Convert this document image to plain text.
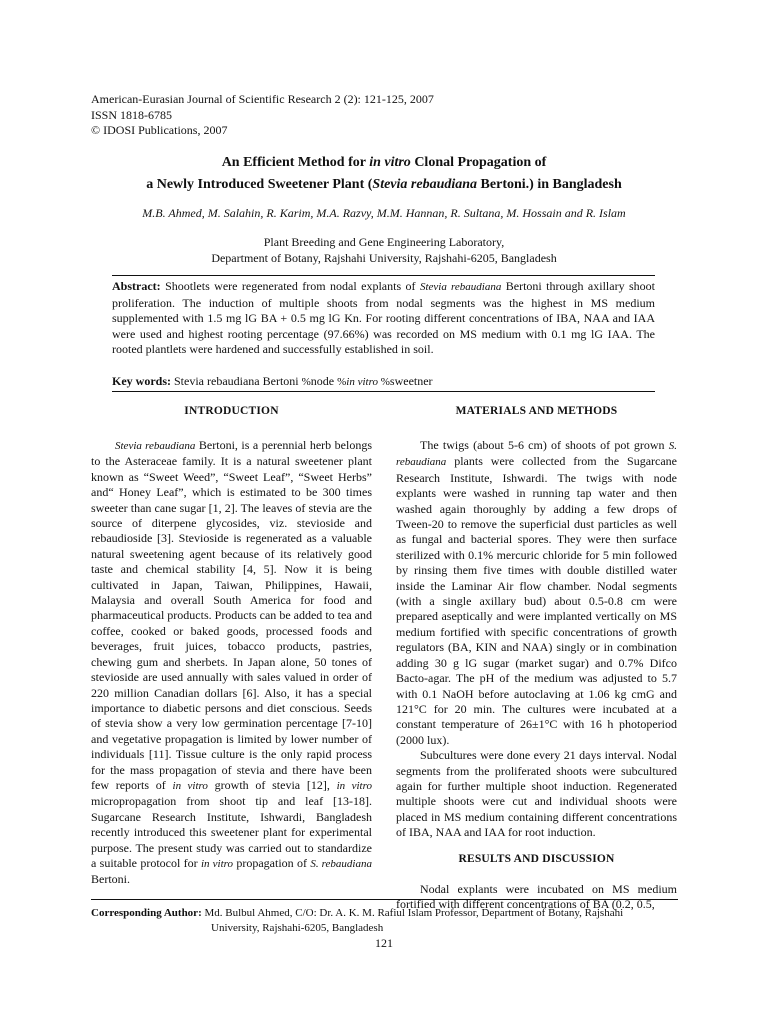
American-Eurasian Journal of Scientific Research 2 (2): 121-125, 2007
ISSN 1818-6785
© IDOSI Publications, 2007
An Efficient Method for in vitro Clonal Propagation of
a Newly Introduced Sweetener Plant (Stevia rebaudiana Bertoni.) in Bangladesh
M.B. Ahmed, M. Salahin, R. Karim, M.A. Razvy, M.M. Hannan, R. Sultana, M. Hossain and R. Islam
Plant Breeding and Gene Engineering Laboratory,
Department of Botany, Rajshahi University, Rajshahi-6205, Bangladesh
Abstract: Shootlets were regenerated from nodal explants of Stevia rebaudiana Bertoni through axillary shoot proliferation. The induction of multiple shoots from nodal segments was the highest in MS medium supplemented with 1.5 mg lG BA + 0.5 mg lG Kn. For rooting different concentrations of IBA, NAA and IAA were used and highest rooting percentage (97.66%) was recorded on MS medium with 0.1 mg lG IAA. The rooted plantlets were hardened and successfully established in soil.
Key words: Stevia rebaudiana Bertoni %node %in vitro %sweetner
INTRODUCTION

Stevia rebaudiana Bertoni, is a perennial herb belongs to the Asteraceae family. It is a natural sweetener plant known as “Sweet Weed”, “Sweet Leaf”, “Sweet Herbs” and“ Honey Leaf”, which is estimated to be 300 times sweeter than cane sugar [1, 2]. The leaves of stevia are the source of diterpene glycosides, viz. stevioside and rebaudioside [3]. Stevioside is regenerated as a valuable natural sweetening agent because of its relatively good taste and chemical stability [4, 5]. Now it is being cultivated in Japan, Taiwan, Philippines, Hawaii, Malaysia and overall South America for food and pharmaceutical products. Products can be added to tea and coffee, cooked or baked goods, processed foods and beverages, fruit juices, tobacco products, pastries, chewing gum and sherbets. In Japan alone, 50 tones of stevioside are used annually with sales valued in order of 220 million Canadian dollars [6]. Also, it has a special importance to diabetic persons and diet conscious. Seeds of stevia show a very low germination percentage [7-10] and vegetative propagation is limited by lower number of individuals [11]. Tissue culture is the only rapid process for the mass propagation of stevia and there have been few reports of in vitro growth of stevia [12], in vitro micropropagation from shoot tip and leaf [13-18]. Sugarcane Research Institute, Ishwardi, Bangladesh recently introduced this sweetener plant for experimental purpose. The present study was carried out to standardize a suitable protocol for in vitro propagation of S. rebaudiana Bertoni.

MATERIALS AND METHODS

The twigs (about 5-6 cm) of shoots of pot grown S. rebaudiana plants were collected from the Sugarcane Research Institute, Ishwardi. The twigs with node explants were washed in running tap water and then washed again thoroughly by adding a few drops of Tween-20 to remove the superficial dust particles as well as fungal and bacterial spores. They were then surface sterilized with 0.1% mercuric chloride for 5 min followed by rinsing them five times with double distilled water inside the Laminar Air flow chamber. Nodal segments (with a single axillary bud) about 0.5-0.8 cm were prepared aseptically and were implanted vertically on MS medium fortified with specific concentrations of growth regulators (BA, KIN and NAA) singly or in combination adding 30 g lG sugar (market sugar) and 0.7% Difco Bacto-agar. The pH of the medium was adjusted to 5.7 with 0.1 NaOH before autoclaving at 1.06 kg cmG and 121°C for 20 min. The cultures were incubated at a constant temperature of 26±1°C with 16 h photoperiod (2000 lux).

Subcultures were done every 21 days interval. Nodal segments from the proliferated shoots were subcultured again for further multiple shoot induction. Regenerated multiple shoots were cut and individual shoots were placed in MS medium containing different concentrations of IBA, NAA and IAA for root induction.

RESULTS AND DISCUSSION

Nodal explants were incubated on MS medium fortified with different concentrations of BA (0.2, 0.5,

Corresponding Author: Md. Bulbul Ahmed, C/O: Dr. A. K. M. Rafiul Islam Professor, Department of Botany, Rajshahi
University, Rajshahi-6205, Bangladesh
121
